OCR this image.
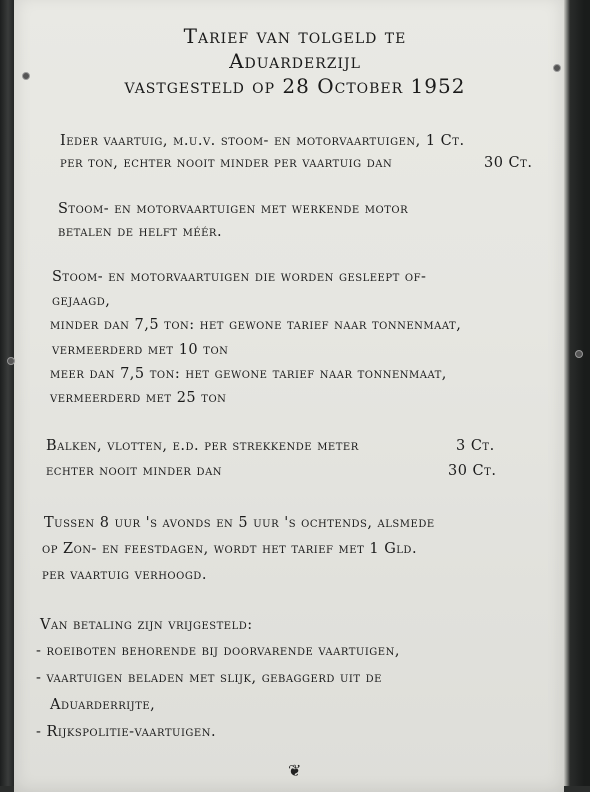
Tarief van tolgeld te
Aduarderzijl
vastgesteld op 28 October 1952
Ieder vaartuig, m.u.v. stoom- en motorvaartuigen, 1 Ct.
per ton, echter nooit minder per vaartuig dan	30 Ct.
Stoom- en motorvaartuigen met werkende motor
betalen de helft méér.
Stoom- en motorvaartuigen die worden gesleept of-
gejaagd,
minder dan 7,5 ton: het gewone tarief naar tonnenmaat,
vermeerderd met 10 ton
meer dan 7,5 ton: het gewone tarief naar tonnenmaat,
vermeerderd met 25 ton
Balken, vlotten, e.d. per strekkende meter	3 Ct.
echter nooit minder dan	30 Ct.
Tussen 8 uur 's avonds en 5 uur 's ochtends, alsmede
op Zon- en feestdagen, wordt het tarief met 1 Gld.
per vaartuig verhoogd.
Van betaling zijn vrijgesteld:
- roeiboten behorende bij doorvarende vaartuigen,
- vaartuigen beladen met slijk, gebaggerd uit de
Aduarderrijte,
- Rijkspolitie-vaartuigen.
❦
